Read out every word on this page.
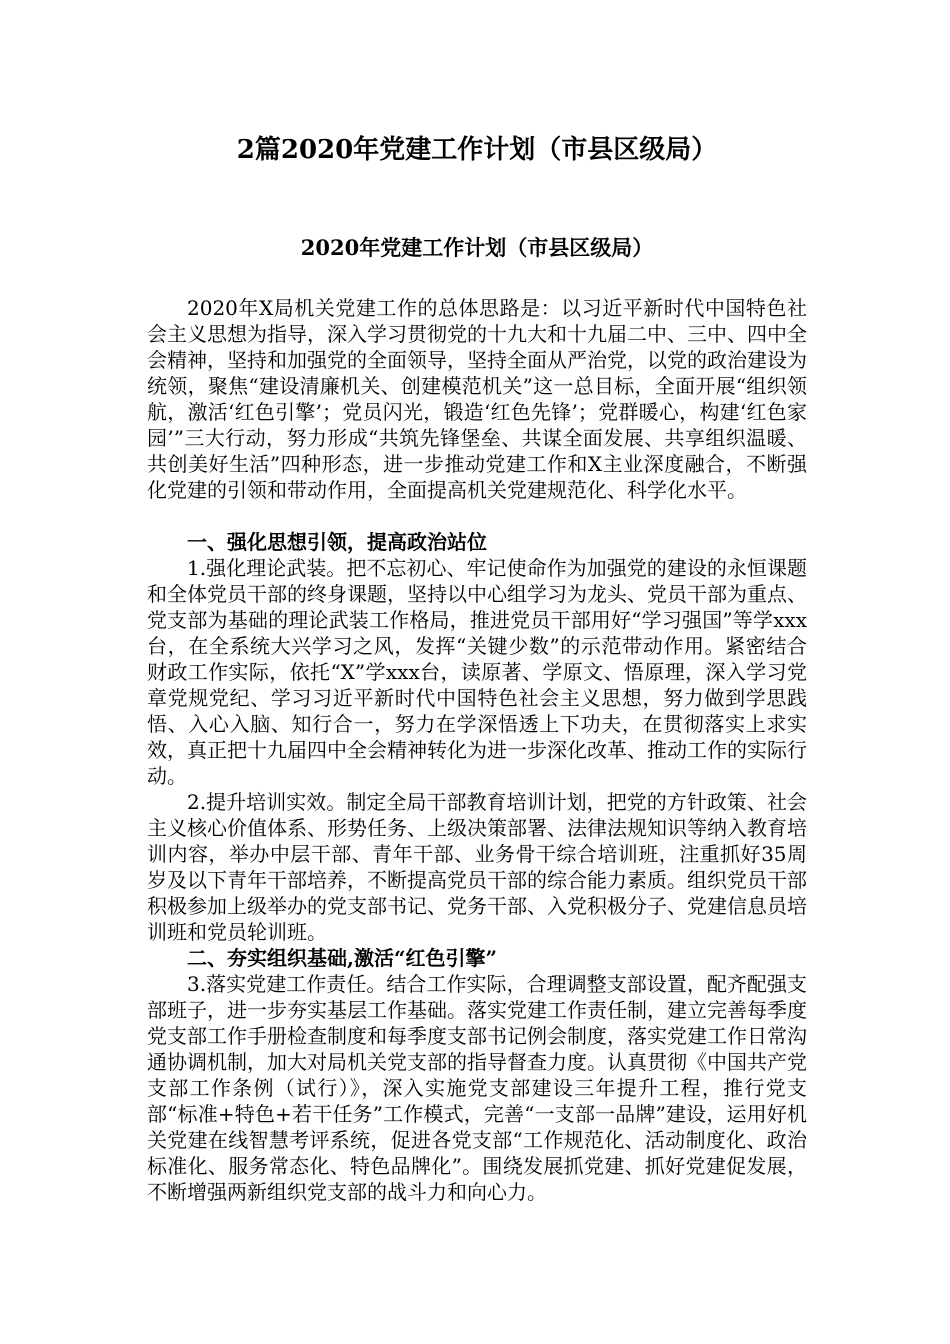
2篇2020年党建工作计划（市县区级局）
2020年党建工作计划（市县区级局）

2020年X局机关党建工作的总体思路是：以习近平新时代中国特色社会主义思想为指导，深入学习贯彻党的十九大和十九届二中、三中、四中全会精神，坚持和加强党的全面领导，坚持全面从严治党，以党的政治建设为统领，聚焦“建设清廉机关、创建模范机关”这一总目标，全面开展“组织领航，激活‘红色引擎’；党员闪光，锻造‘红色先锋’；党群暖心，构建‘红色家园’”三大行动，努力形成“共筑先锋堡垒、共谋全面发展、共享组织温暖、共创美好生活”四种形态，进一步推动党建工作和X主业深度融合，不断强化党建的引领和带动作用，全面提高机关党建规范化、科学化水平。

一、强化思想引领，提高政治站位

1.强化理论武装。把不忘初心、牢记使命作为加强党的建设的永恒课题和全体党员干部的终身课题，坚持以中心组学习为龙头、党员干部为重点、党支部为基础的理论武装工作格局，推进党员干部用好“学习强国”等学xxx台，在全系统大兴学习之风，发挥“关键少数”的示范带动作用。紧密结合财政工作实际，依托“X”学xxx台，读原著、学原文、悟原理，深入学习党章党规党纪、学习习近平新时代中国特色社会主义思想，努力做到学思践悟、入心入脑、知行合一，努力在学深悟透上下功夫，在贯彻落实上求实效，真正把十九届四中全会精神转化为进一步深化改革、推动工作的实际行动。

2.提升培训实效。制定全局干部教育培训计划，把党的方针政策、社会主义核心价值体系、形势任务、上级决策部署、法律法规知识等纳入教育培训内容，举办中层干部、青年干部、业务骨干综合培训班，注重抓好35周岁及以下青年干部培养，不断提高党员干部的综合能力素质。组织党员干部积极参加上级举办的党支部书记、党务干部、入党积极分子、党建信息员培训班和党员轮训班。

二、夯实组织基础,激活“红色引擎”

3.落实党建工作责任。结合工作实际，合理调整支部设置，配齐配强支部班子，进一步夯实基层工作基础。落实党建工作责任制，建立完善每季度党支部工作手册检查制度和每季度支部书记例会制度，落实党建工作日常沟通协调机制，加大对局机关党支部的指导督查力度。认真贯彻《中国共产党支部工作条例（试行）》，深入实施党支部建设三年提升工程，推行党支部“标准+特色+若干任务”工作模式，完善“一支部一品牌”建设，运用好机关党建在线智慧考评系统，促进各党支部“工作规范化、活动制度化、政治标准化、服务常态化、特色品牌化”。围绕发展抓党建、抓好党建促发展，不断增强两新组织党支部的战斗力和向心力。
